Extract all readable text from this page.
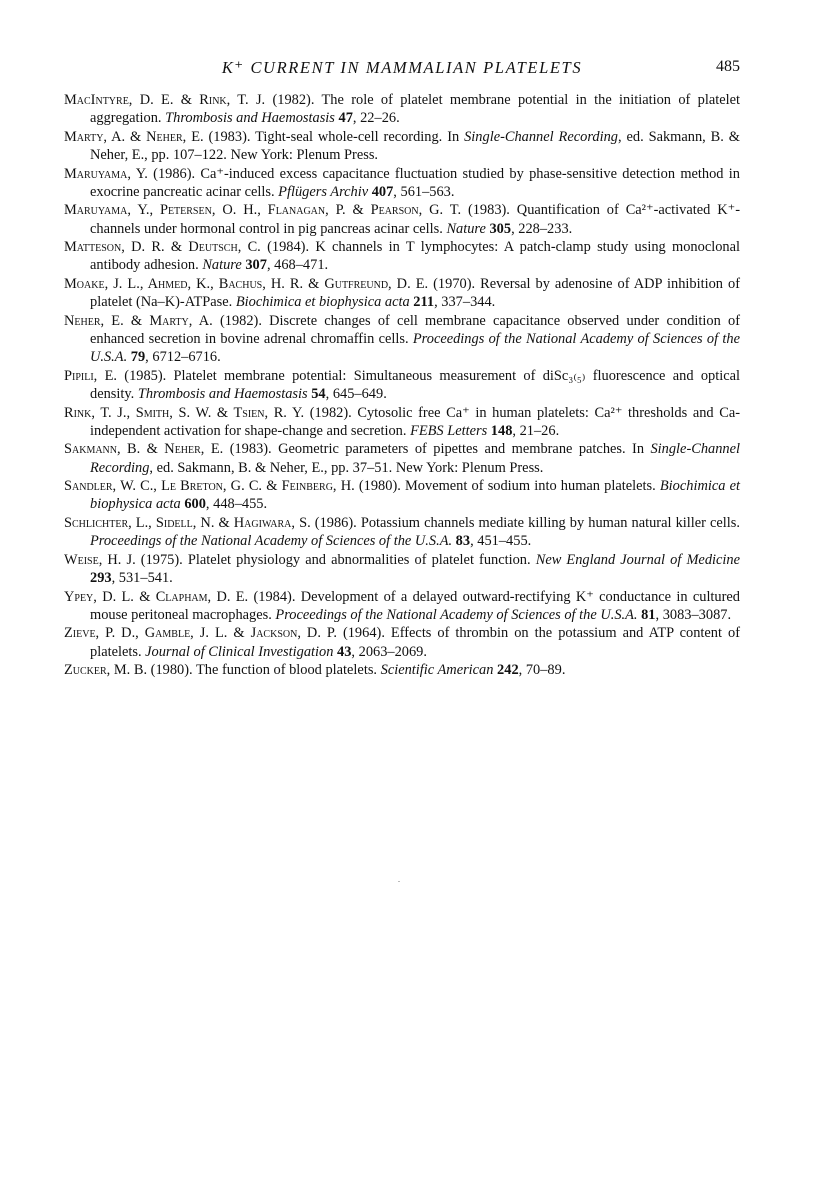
K⁺ CURRENT IN MAMMALIAN PLATELETS	485

MacIntyre, D. E. & Rink, T. J. (1982). The role of platelet membrane potential in the initiation of platelet aggregation. Thrombosis and Haemostasis 47, 22–26.

Marty, A. & Neher, E. (1983). Tight-seal whole-cell recording. In Single-Channel Recording, ed. Sakmann, B. & Neher, E., pp. 107–122. New York: Plenum Press.

Maruyama, Y. (1986). Ca⁺-induced excess capacitance fluctuation studied by phase-sensitive detection method in exocrine pancreatic acinar cells. Pflügers Archiv 407, 561–563.

Maruyama, Y., Petersen, O. H., Flanagan, P. & Pearson, G. T. (1983). Quantification of Ca²⁺-activated K⁺-channels under hormonal control in pig pancreas acinar cells. Nature 305, 228–233.

Matteson, D. R. & Deutsch, C. (1984). K channels in T lymphocytes: A patch-clamp study using monoclonal antibody adhesion. Nature 307, 468–471.

Moake, J. L., Ahmed, K., Bachus, H. R. & Gutfreund, D. E. (1970). Reversal by adenosine of ADP inhibition of platelet (Na–K)-ATPase. Biochimica et biophysica acta 211, 337–344.

Neher, E. & Marty, A. (1982). Discrete changes of cell membrane capacitance observed under condition of enhanced secretion in bovine adrenal chromaffin cells. Proceedings of the National Academy of Sciences of the U.S.A. 79, 6712–6716.

Pipili, E. (1985). Platelet membrane potential: Simultaneous measurement of diSc₃₍₅₎ fluorescence and optical density. Thrombosis and Haemostasis 54, 645–649.

Rink, T. J., Smith, S. W. & Tsien, R. Y. (1982). Cytosolic free Ca⁺ in human platelets: Ca²⁺ thresholds and Ca-independent activation for shape-change and secretion. FEBS Letters 148, 21–26.

Sakmann, B. & Neher, E. (1983). Geometric parameters of pipettes and membrane patches. In Single-Channel Recording, ed. Sakmann, B. & Neher, E., pp. 37–51. New York: Plenum Press.

Sandler, W. C., Le Breton, G. C. & Feinberg, H. (1980). Movement of sodium into human platelets. Biochimica et biophysica acta 600, 448–455.

Schlichter, L., Sidell, N. & Hagiwara, S. (1986). Potassium channels mediate killing by human natural killer cells. Proceedings of the National Academy of Sciences of the U.S.A. 83, 451–455.

Weise, H. J. (1975). Platelet physiology and abnormalities of platelet function. New England Journal of Medicine 293, 531–541.

Ypey, D. L. & Clapham, D. E. (1984). Development of a delayed outward-rectifying K⁺ conductance in cultured mouse peritoneal macrophages. Proceedings of the National Academy of Sciences of the U.S.A. 81, 3083–3087.

Zieve, P. D., Gamble, J. L. & Jackson, D. P. (1964). Effects of thrombin on the potassium and ATP content of platelets. Journal of Clinical Investigation 43, 2063–2069.

Zucker, M. B. (1980). The function of blood platelets. Scientific American 242, 70–89.
